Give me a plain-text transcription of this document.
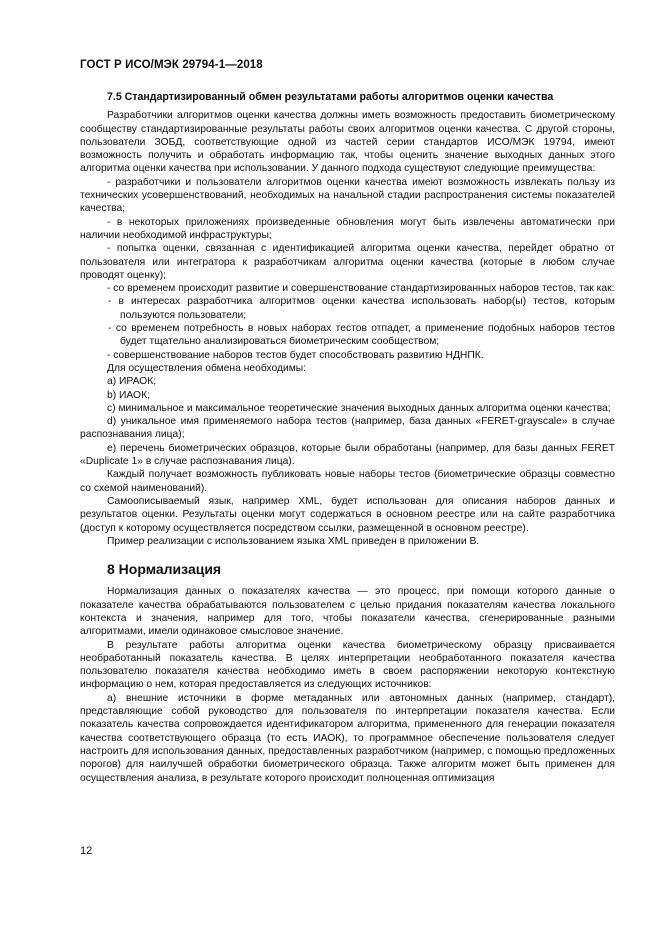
ГОСТ Р ИСО/МЭК 29794-1—2018
7.5 Стандартизированный обмен результатами работы алгоритмов оценки качества

Разработчики алгоритмов оценки качества должны иметь возможность предоставить биометрическому сообществу стандартизированные результаты работы своих алгоритмов оценки качества. С другой стороны, пользователи ЗОБД, соответствующие одной из частей серии стандартов ИСО/МЭК 19794, имеют возможность получить и обработать информацию так, чтобы оценить значение выходных данных этого алгоритма оценки качества при использовании. У данного подхода существуют следующие преимущества:

- разработчики и пользователи алгоритмов оценки качества имеют возможность извлекать пользу из технических усовершенствований, необходимых на начальной стадии распространения системы показателей качества;

- в некоторых приложениях произведенные обновления могут быть извлечены автоматически при наличии необходимой инфраструктуры;

- попытка оценки, связанная с идентификацией алгоритма оценки качества, перейдет обратно от пользователя или интегратора к разработчикам алгоритма оценки качества (которые в любом случае проводят оценку);

- со временем происходит развитие и совершенствование стандартизированных наборов тестов, так как:

- в интересах разработчика алгоритмов оценки качества использовать набор(ы) тестов, которым пользуются пользователи;

- со временем потребность в новых наборах тестов отпадет, а применение подобных наборов тестов будет тщательно анализироваться биометрическим сообществом;

- совершенствование наборов тестов будет способствовать развитию НДНПК.

Для осуществления обмена необходимы:

a) ИРАОК;

b) ИАОК;

c) минимальное и максимальное теоретические значения выходных данных алгоритма оценки качества;

d) уникальное имя применяемого набора тестов (например, база данных «FERET-grayscale» в случае распознавания лица);

e) перечень биометрических образцов, которые были обработаны (например, для базы данных FERET «Duplicate 1» в случае распознавания лица).

Каждый получает возможность публиковать новые наборы тестов (биометрические образцы совместно со схемой наименований).

Самоописываемый язык, например XML, будет использован для описания наборов данных и результатов оценки. Результаты оценки могут содержаться в основном реестре или на сайте разработчика (доступ к которому осуществляется посредством ссылки, размещенной в основном реестре).

Пример реализации с использованием языка XML приведен в приложении В.

8 Нормализация

Нормализация данных о показателях качества — это процесс, при помощи которого данные о показателе качества обрабатываются пользователем с целью придания показателям качества локального контекста и значения, например для того, чтобы показатели качества, сгенерированные разными алгоритмами, имели одинаковое смысловое значение.

В результате работы алгоритма оценки качества биометрическому образцу присваивается необработанный показатель качества. В целях интерпретации необработанного показателя качества пользователю показателя качества необходимо иметь в своем распоряжении некоторую контекстную информацию о нем, которая предоставляется из следующих источников:

a) внешние источники в форме метаданных или автономных данных (например, стандарт), представляющие собой руководство для пользователя по интерпретации показателя качества. Если показатель качества сопровождается идентификатором алгоритма, примененного для генерации показателя качества соответствующего образца (то есть ИАОК), то программное обеспечение пользователя следует настроить для использования данных, предоставленных разработчиком (например, с помощью предложенных порогов) для наилучшей обработки биометрического образца. Также алгоритм может быть применен для осуществления анализа, в результате которого происходит полноценная оптимизация

12
